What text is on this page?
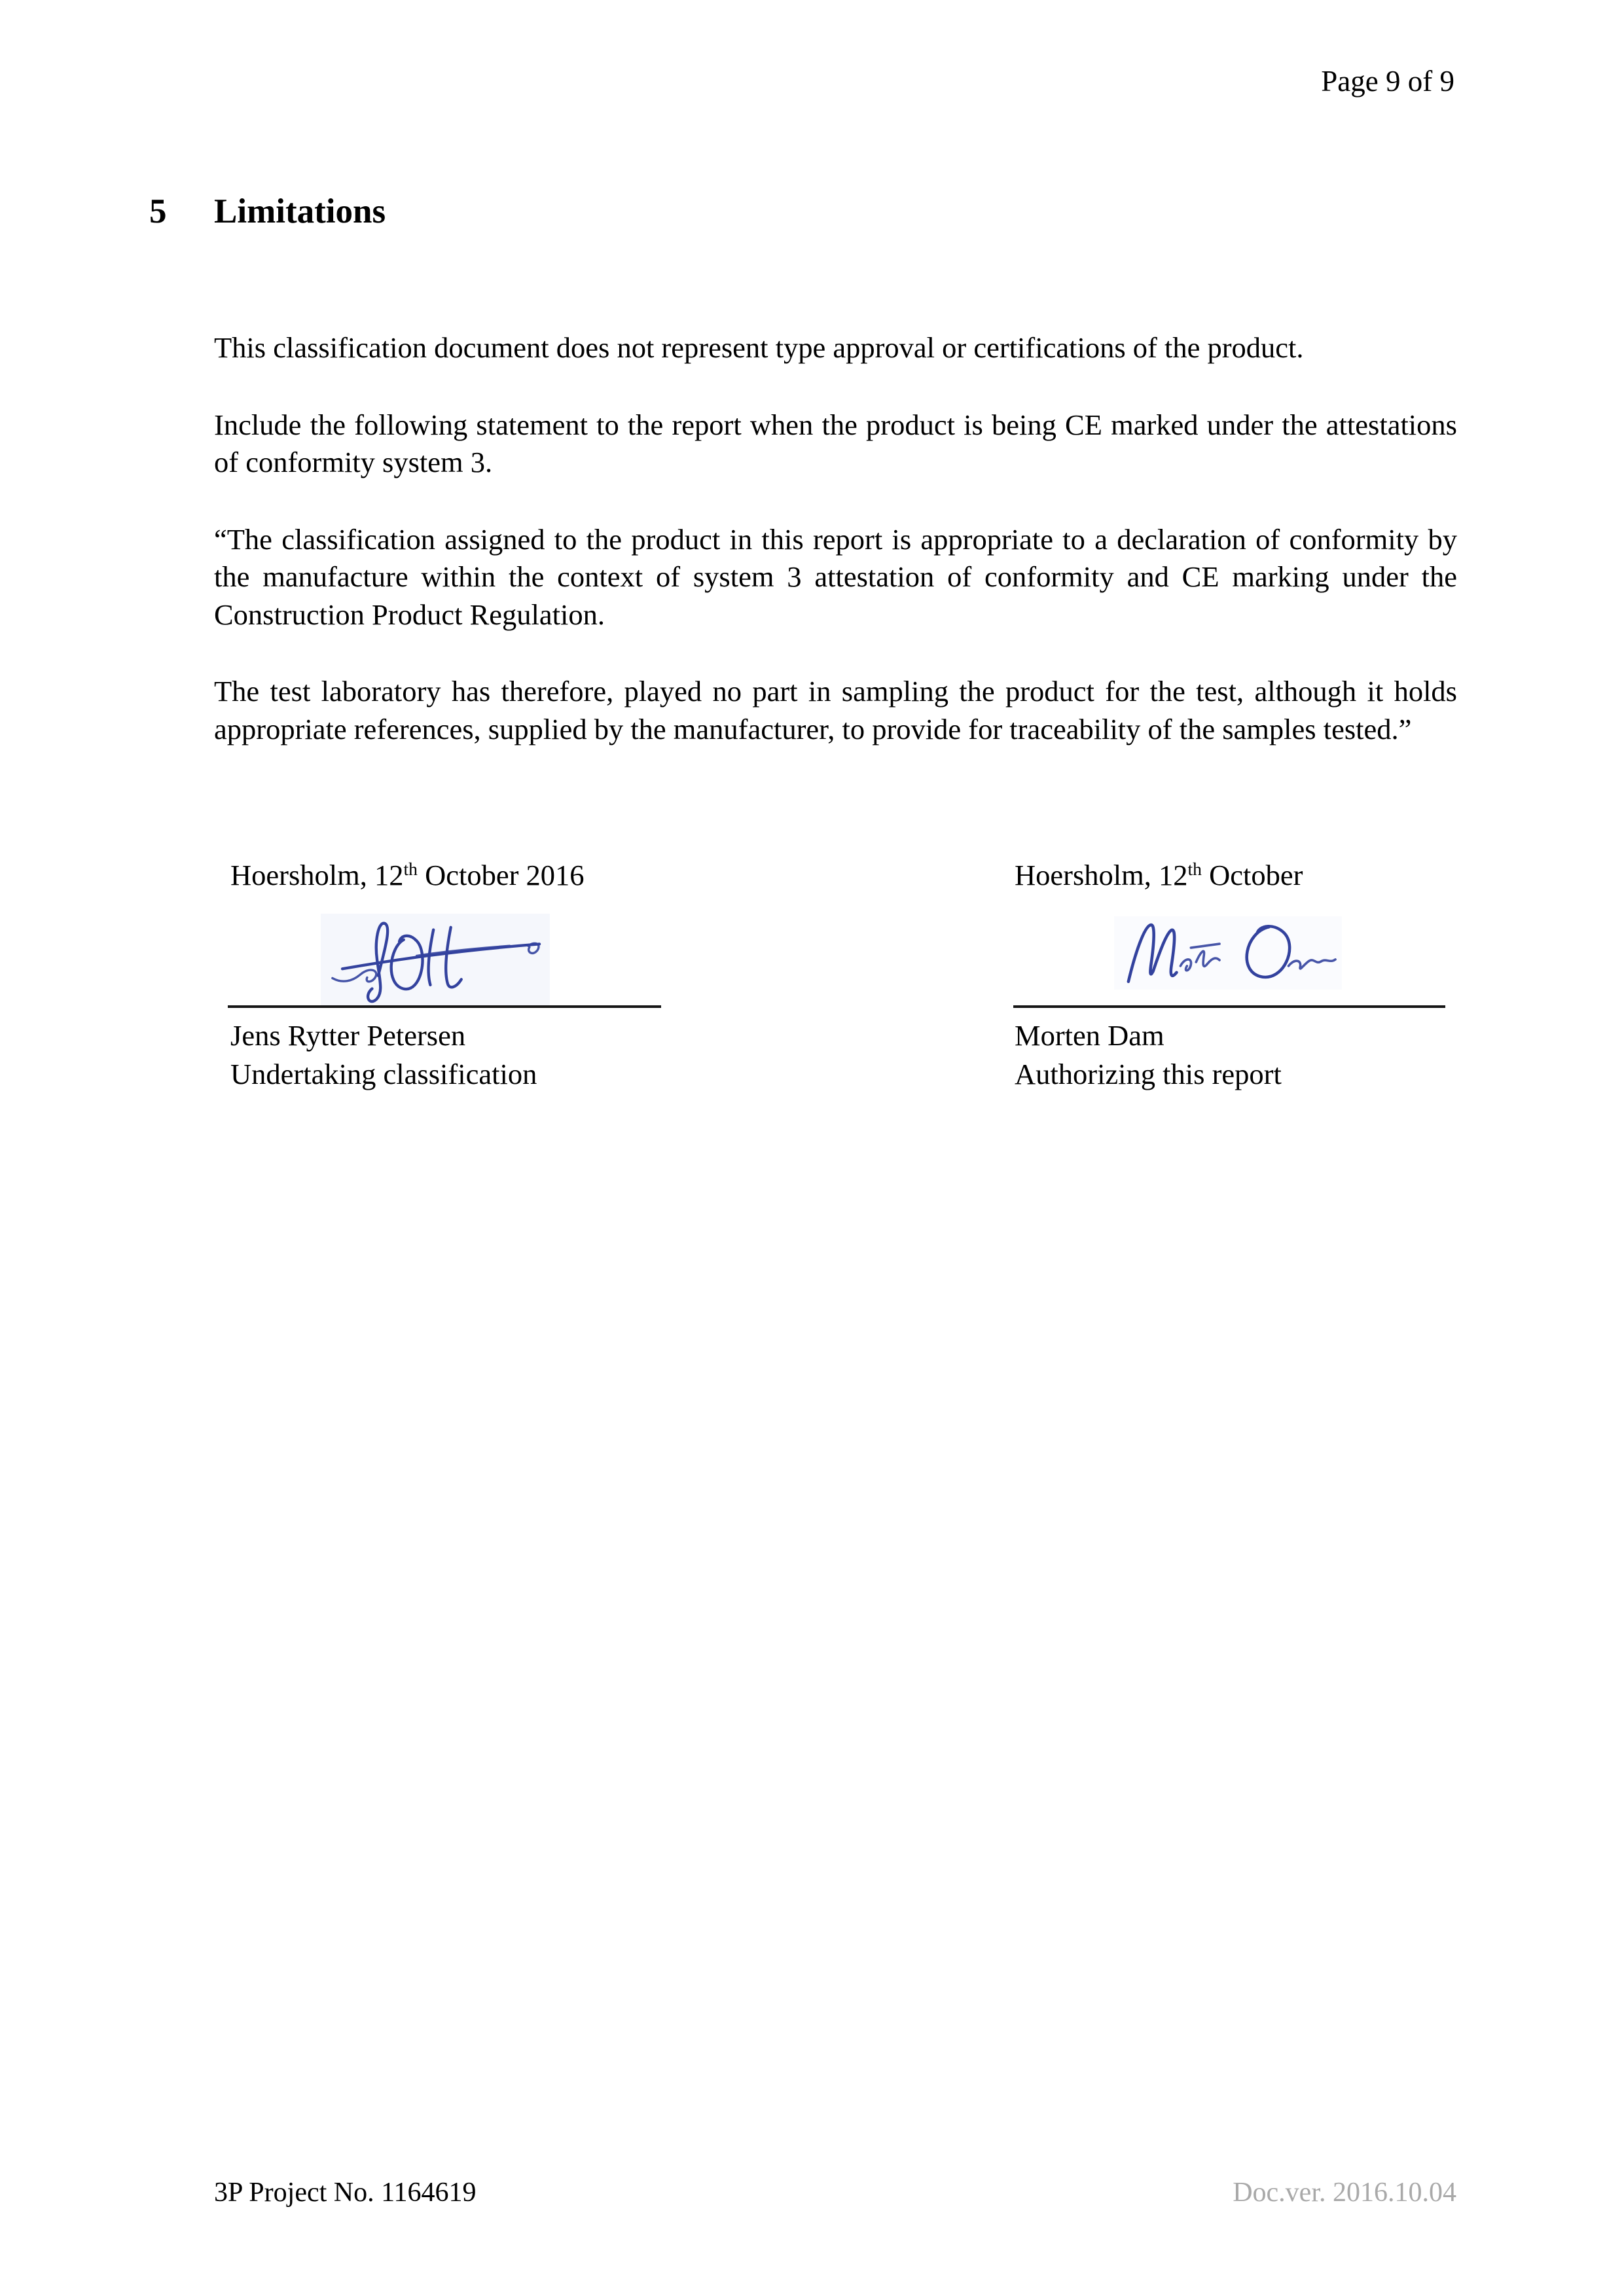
Page 9 of 9
5	Limitations

This classification document does not represent type approval or certifications of the product.

Include the following statement to the report when the product is being CE marked under the attestations of conformity system 3.

“The classification assigned to the product in this report is appropriate to a declaration of conformity by the manufacture within the context of system 3 attestation of conformity and CE marking under the Construction Product Regulation.

The test laboratory has therefore, played no part in sampling the product for the test, although it holds appropriate references, supplied by the manufacturer, to provide for traceability of the samples tested.”

Hoersholm, 12th October 2016
Jens Rytter Petersen
Undertaking classification
Hoersholm, 12th October
Morten Dam
Authorizing this report
3P Project No. 1164619	Doc.ver. 2016.10.04
